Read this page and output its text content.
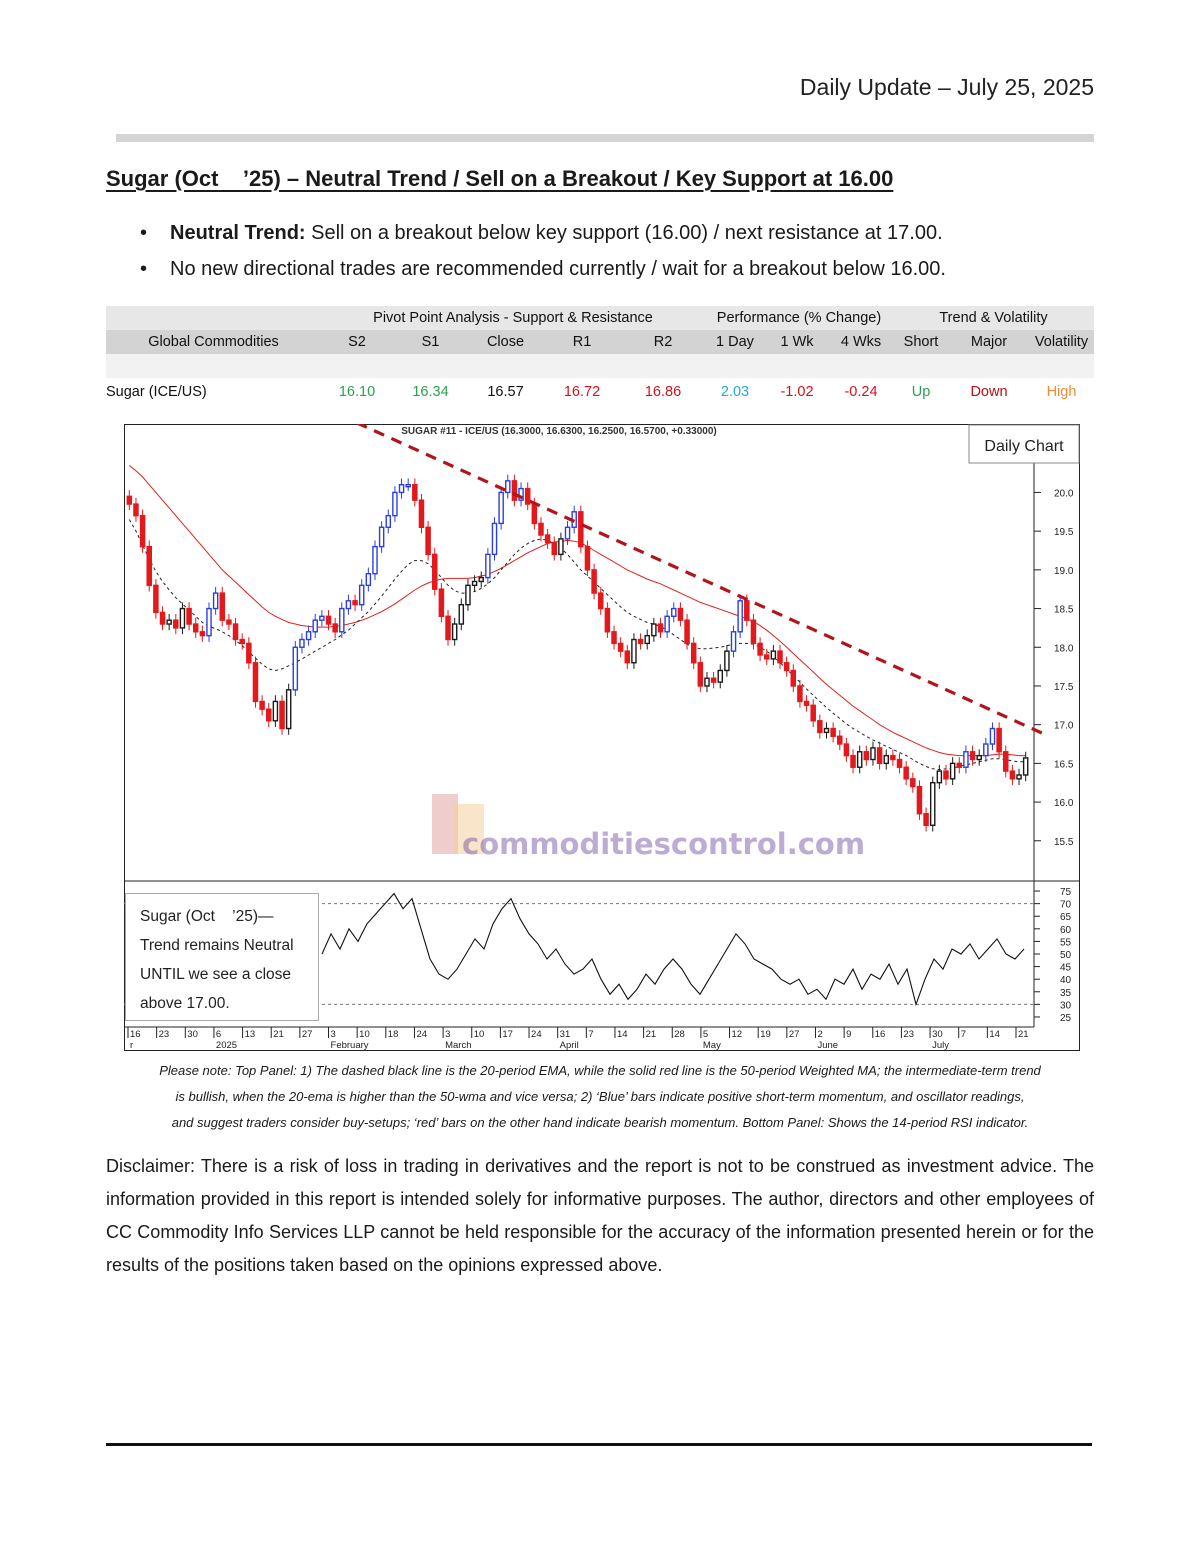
Daily Update – July 25, 2025
Sugar (Oct    ’25) – Neutral Trend / Sell on a Breakout / Key Support at 16.00
• Neutral Trend: Sell on a breakout below key support (16.00) / next resistance at 17.00.
• No new directional trades are recommended currently / wait for a breakout below 16.00.
	Pivot Point Analysis - Support & Resistance					Performance (% Change)			Trend & Volatility		
Global Commodities	S2	S1	Close	R1	R2	1 Day	1 Wk	4 Wks	Short	Major	Volatility

Sugar (ICE/US)	16.10	16.34	16.57	16.72	16.86	2.03	-1.02	-0.24	Up	Down	High
SUGAR #11 - ICE/US (16.3000, 16.6300, 16.2500, 16.5700, +0.33000)
Daily Chart
commoditiescontrol.com
20.0
19.5
19.0
18.5
18.0
17.5
17.0
16.5
16.0
15.5
75
70
65
60
55
50
45
40
35
30
25
16 23 30 6 13 21 27 3 10 18 24 3 10 17 24 31 7 14 21 28 5 12 19 27 2 9 16 23 30 7 14 21
r	2025	February	March	April	May	June	July
Sugar (Oct    ’25)—
Trend remains Neutral
UNTIL we see a close
above 17.00.
Please note: Top Panel: 1) The dashed black line is the 20-period EMA, while the solid red line is the 50-period Weighted MA; the intermediate-term trend
is bullish, when the 20-ema is higher than the 50-wma and vice versa; 2) ‘Blue’ bars indicate positive short-term momentum, and oscillator readings,
and suggest traders consider buy-setups; ‘red’ bars on the other hand indicate bearish momentum. Bottom Panel: Shows the 14-period RSI indicator.
Disclaimer: There is a risk of loss in trading in derivatives and the report is not to be construed as investment advice. The information provided in this report is intended solely for informative purposes. The author, directors and other employees of CC Commodity Info Services LLP cannot be held responsible for the accuracy of the information presented herein or for the results of the positions taken based on the opinions expressed above.
